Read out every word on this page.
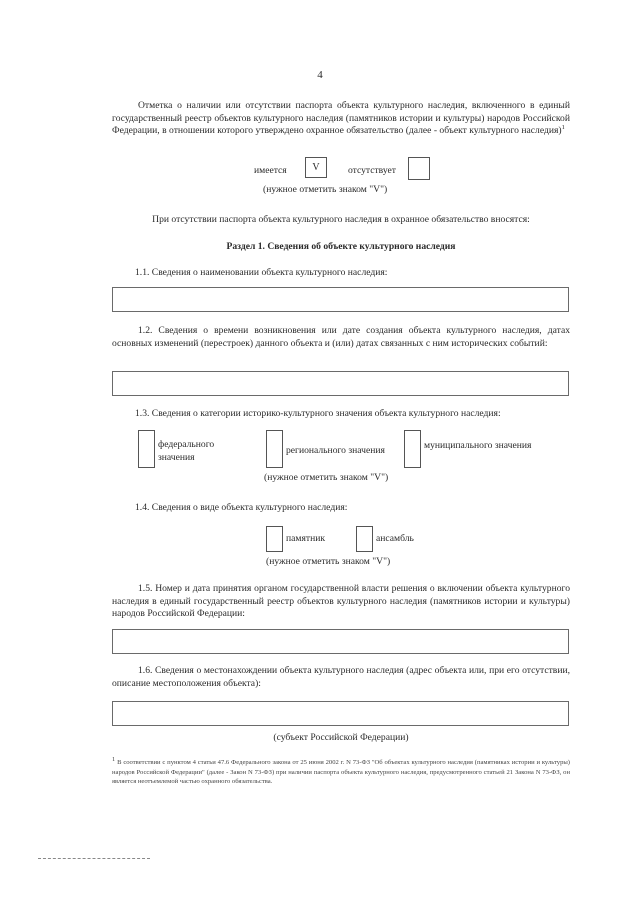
4

Отметка о наличии или отсутствии паспорта объекта культурного наследия, включенного в единый государственный реестр объектов культурного наследия (памятников истории и культуры) народов Российской Федерации, в отношении которого утверждено охранное обязательство (далее - объект культурного наследия)$^1$

имеется	V	отсутствует
(нужное отметить знаком "V")
При отсутствии паспорта объекта культурного наследия в охранное обязательство вносятся:
Раздел 1. Сведения об объекте культурного наследия
1.1. Сведения о наименовании объекта культурного наследия:

1.2. Сведения о времени возникновения или дате создания объекта культурного наследия, датах основных изменений (перестроек) данного объекта и (или) датах связанных с ним исторических событий:

1.3. Сведения о категории историко-культурного значения объекта культурного наследия:
федерального
значения
регионального значения	муниципального значения
(нужное отметить знаком "V")
1.4. Сведения о виде объекта культурного наследия:
памятник	ансамбль
(нужное отметить знаком "V")

1.5. Номер и дата принятия органом государственной власти решения о включении объекта культурного наследия в единый государственный реестр объектов культурного наследия (памятников истории и культуры) народов Российской Федерации:

1.6. Сведения о местонахождении объекта культурного наследия (адрес объекта или, при его отсутствии, описание местоположения объекта):

(субъект Российской Федерации)
$^1$ В соответствии с пунктом 4 статьи 47.6 Федерального закона от 25 июня 2002 г. N 73-ФЗ "Об объектах культурного наследия (памятниках истории и культуры) народов Российской Федерации" (далее - Закон N 73-ФЗ) при наличии паспорта объекта культурного наследия, предусмотренного статьей 21 Закона N 73-ФЗ, он является неотъемлемой частью охранного обязательства.
